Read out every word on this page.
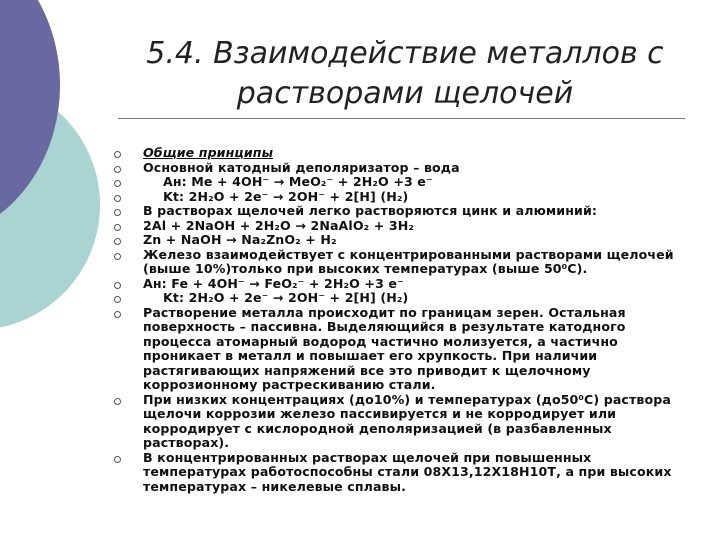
5.4. Взаимодействие металлов с
растворами щелочей
Общие принципы
Основной катодный деполяризатор – вода
Ан: Ме + 4ОН⁻ → МеО₂⁻ + 2Н₂О +3 е⁻
Kt: 2Н₂О + 2е⁻ → 2ОН⁻ + 2[Н] (Н₂)
В растворах щелочей легко растворяются цинк и алюминий:
2Al + 2NaOH + 2H₂O → 2NaAlO₂ + 3H₂
Zn + NaOH → Na₂ZnO₂ + H₂
Железо взаимодействует с концентрированными растворами щелочей (выше 10%)только при высоких температурах (выше 50⁰С).
Ан: Fe + 4ОН⁻ → FeО₂⁻ + 2Н₂О +3 е⁻
Kt: 2Н₂О + 2е⁻ → 2ОН⁻ + 2[Н] (Н₂)
Растворение металла происходит по границам зерен. Остальная поверхность – пассивна. Выделяющийся в результате катодного процесса атомарный водород частично молизуется, а частично проникает в металл и повышает его хрупкость. При наличии растягивающих напряжений все это приводит к щелочному коррозионному растрескиванию стали.
При низких концентрациях (до10%) и температурах (до50⁰С) раствора щелочи коррозии железо пассивируется и не корродирует или корродирует с кислородной деполяризацией (в разбавленных растворах).
В концентрированных растворах щелочей при повышенных температурах работоспособны стали 08Х13,12Х18Н10Т, а при высоких температурах – никелевые сплавы.
